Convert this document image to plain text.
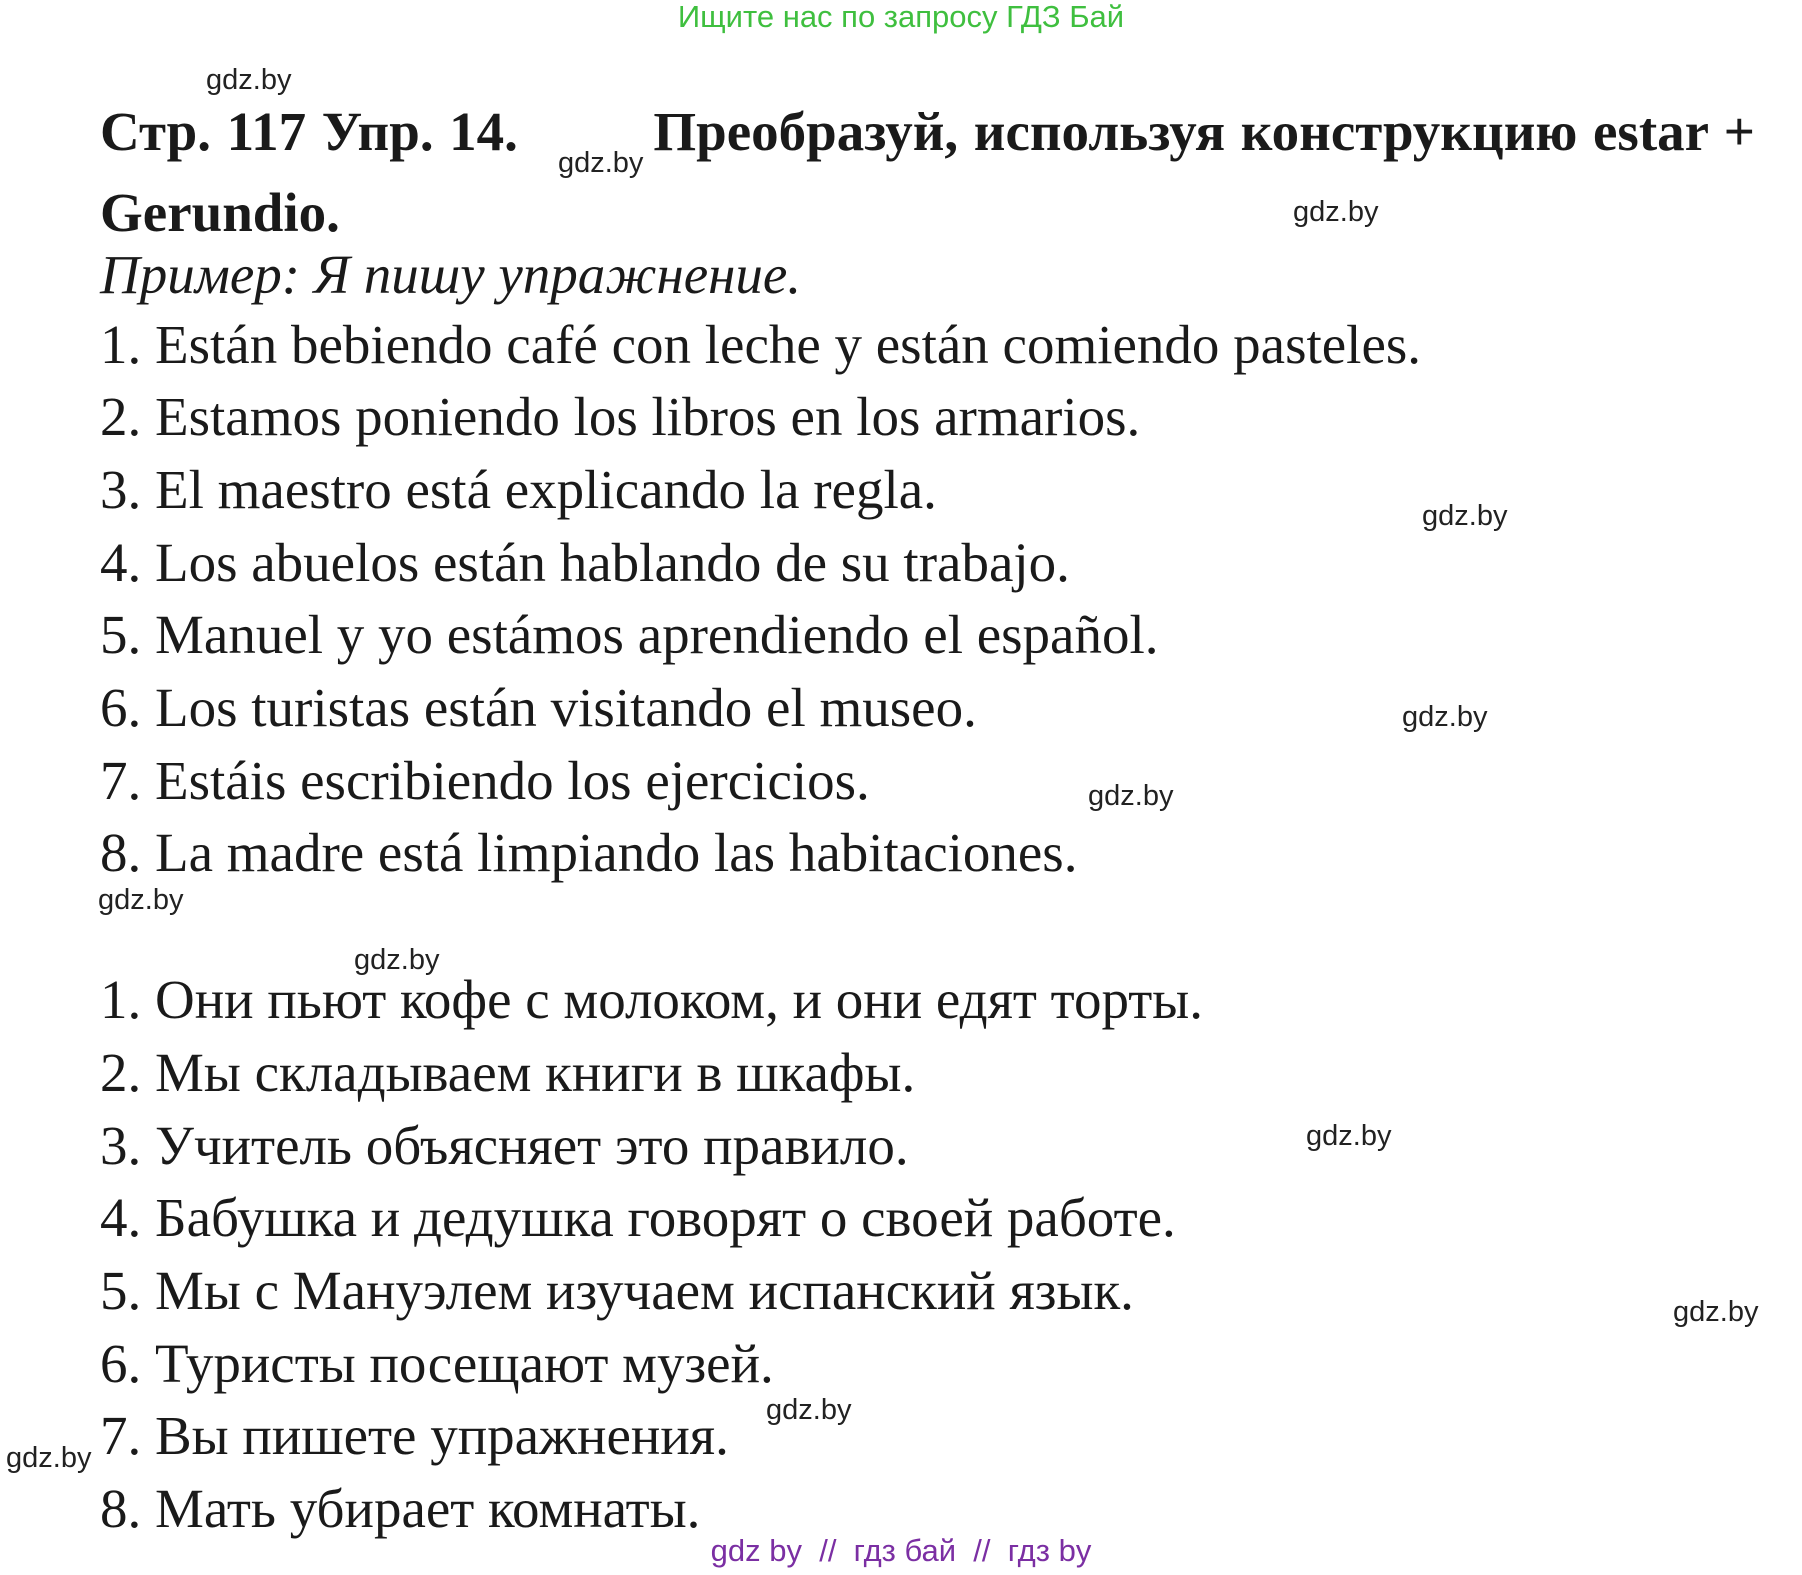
Ищите нас по запросу ГДЗ Бай
Стр. 117 Упр. $14._{gdz.by}Преобразуй$, используя конструкцию estar + Gerundio.
Пример: Я пишу упражнение.
1. Están bebiendo café con leche y están comiendo pasteles.
2. Estamos poniendo los libros en los armarios.
3. El maestro está explicando la regla.
4. Los abuelos están hablando de su trabajo.
5. Manuel y yo estámos aprendiendo el español.
6. Los turistas están visitando el museo.
7. Estáis escribiendo los ejercicios.
8. La madre está limpiando las habitaciones.
1. Они пьют кофе с молоком, и они едят торты.
2. Мы складываем книги в шкафы.
3. Учитель объясняет это правило.
4. Бабушка и дедушка говорят о своей работе.
5. Мы с Мануэлем изучаем испанский язык.
6. Туристы посещают музей.
7. Вы пишете упражнения.
8. Мать убирает комнаты.
gdz.by
gdz.by
gdz.by
gdz.by
gdz.by
gdz.by
gdz.by
gdz.by
gdz.by
gdz.by
gdz.by
gdz by  //  гдз бай  //  гдз by
